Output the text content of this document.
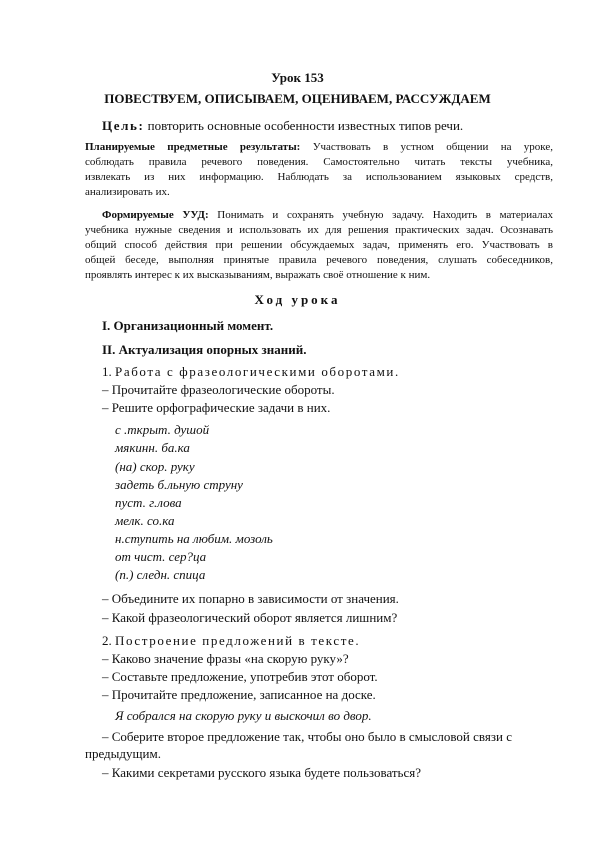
Урок 153
ПОВЕСТВУЕМ, ОПИСЫВАЕМ, ОЦЕНИВАЕМ, РАССУЖДАЕМ
Цель: повторить основные особенности известных типов речи.
Планируемые предметные результаты: Участвовать в устном общении на уроке,
соблюдать правила речевого поведения. Самостоятельно читать тексты учебника,
извлекать из них информацию. Наблюдать за использованием языковых средств,
анализировать их.
Формируемые УУД: Понимать и сохранять учебную задачу. Находить в материалах
учебника нужные сведения и использовать их для решения практических задач. Осознавать
общий способ действия при решении обсуждаемых задач, применять его. Участвовать в
общей беседе, выполняя принятые правила речевого поведения, слушать собеседников,
проявлять интерес к их высказываниям, выражать своё отношение к ним.
Ход урока
I. Организационный момент.
II. Актуализация опорных знаний.
1. Работа с фразеологическими оборотами.
– Прочитайте фразеологические обороты.
– Решите орфографические задачи в них.
с .ткрыт. душой
мякинн. ба.ка
(на) скор. руку
задеть б.льную струну
пуст. г.лова
мелк. со.ка
н.ступить на любим. мозоль
от чист. сер?ца
(п.) следн. спица
– Объедините их попарно в зависимости от значения.
– Какой фразеологический оборот является лишним?
2. Построение предложений в тексте.
– Каково значение фразы «на скорую руку»?
– Составьте предложение, употребив этот оборот.
– Прочитайте предложение, записанное на доске.
Я собрался на скорую руку и выскочил во двор.
– Соберите второе предложение так, чтобы оно было в смысловой связи с
предыдущим.
– Какими секретами русского языка будете пользоваться?
